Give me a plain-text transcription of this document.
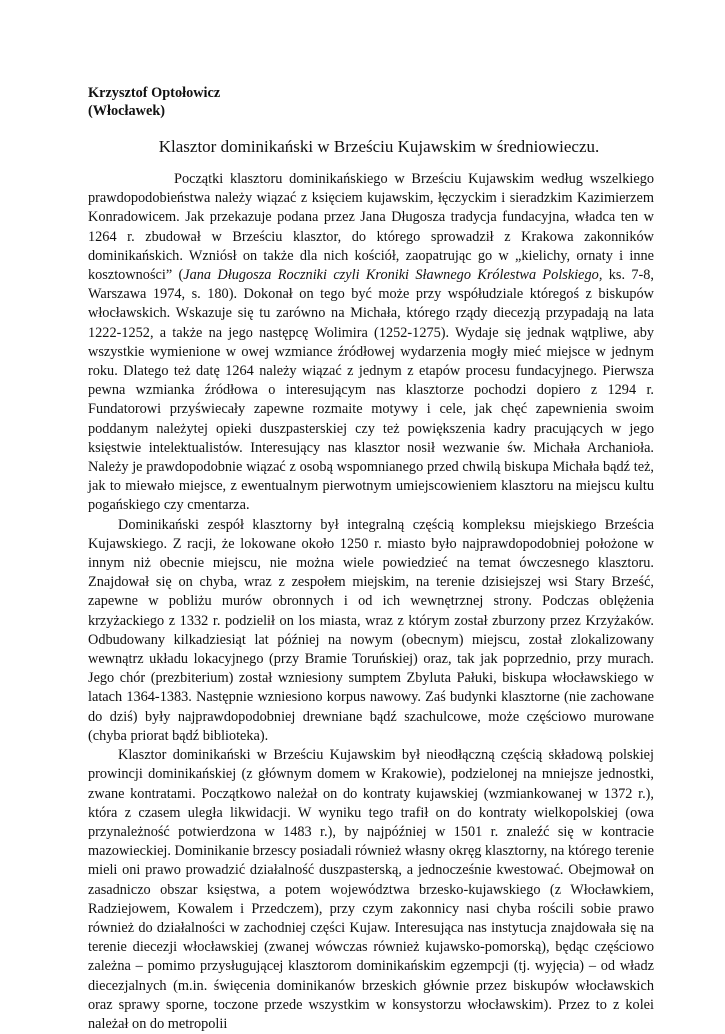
Krzysztof Optołowicz
(Włocławek)
Klasztor dominikański w Brześciu Kujawskim w średniowieczu.

Początki klasztoru dominikańskiego w Brześciu Kujawskim według wszelkiego prawdopodobieństwa należy wiązać z księciem kujawskim, łęczyckim i sieradzkim Kazimierzem Konradowicem. Jak przekazuje podana przez Jana Długosza tradycja fundacyjna, władca ten w 1264 r. zbudował w Brześciu klasztor, do którego sprowadził z Krakowa zakonników dominikańskich. Wzniósł on także dla nich kościół, zaopatrując go w „kielichy, ornaty i inne kosztowności” (Jana Długosza Roczniki czyli Kroniki Sławnego Królestwa Polskiego, ks. 7-8, Warszawa 1974, s. 180). Dokonał on tego być może przy współudziale któregoś z biskupów włocławskich. Wskazuje się tu zarówno na Michała, którego rządy diecezją przypadają na lata 1222-1252, a także na jego następcę Wolimira (1252-1275). Wydaje się jednak wątpliwe, aby wszystkie wymienione w owej wzmiance źródłowej wydarzenia mogły mieć miejsce w jednym roku. Dlatego też datę 1264 należy wiązać z jednym z etapów procesu fundacyjnego. Pierwsza pewna wzmianka źródłowa o interesującym nas klasztorze pochodzi dopiero z 1294 r. Fundatorowi przyświecały zapewne rozmaite motywy i cele, jak chęć zapewnienia swoim poddanym należytej opieki duszpasterskiej czy też powiększenia kadry pracujących w jego księstwie intelektualistów. Interesujący nas klasztor nosił wezwanie św. Michała Archanioła. Należy je prawdopodobnie wiązać z osobą wspomnianego przed chwilą biskupa Michała bądź też, jak to miewało miejsce, z ewentualnym pierwotnym umiejscowieniem klasztoru na miejscu kultu pogańskiego czy cmentarza.

Dominikański zespół klasztorny był integralną częścią kompleksu miejskiego Brześcia Kujawskiego. Z racji, że lokowane około 1250 r. miasto było najprawdopodobniej położone w innym niż obecnie miejscu, nie można wiele powiedzieć na temat ówczesnego klasztoru. Znajdował się on chyba, wraz z zespołem miejskim, na terenie dzisiejszej wsi Stary Brześć, zapewne w pobliżu murów obronnych i od ich wewnętrznej strony. Podczas oblężenia krzyżackiego z 1332 r. podzielił on los miasta, wraz z którym został zburzony przez Krzyżaków. Odbudowany kilkadziesiąt lat później na nowym (obecnym) miejscu, został zlokalizowany wewnątrz układu lokacyjnego (przy Bramie Toruńskiej) oraz, tak jak poprzednio, przy murach. Jego chór (prezbiterium) został wzniesiony sumptem Zbyluta Pałuki, biskupa włocławskiego w latach 1364-1383. Następnie wzniesiono korpus nawowy. Zaś budynki klasztorne (nie zachowane do dziś) były najprawdopodobniej drewniane bądź szachulcowe, może częściowo murowane (chyba priorat bądź biblioteka).

Klasztor dominikański w Brześciu Kujawskim był nieodłączną częścią składową polskiej prowincji dominikańskiej (z głównym domem w Krakowie), podzielonej na mniejsze jednostki, zwane kontratami. Początkowo należał on do kontraty kujawskiej (wzmiankowanej w 1372 r.), która z czasem uległa likwidacji. W wyniku tego trafił on do kontraty wielkopolskiej (owa przynależność potwierdzona w 1483 r.), by najpóźniej w 1501 r. znaleźć się w kontracie mazowieckiej. Dominikanie brzescy posiadali również własny okręg klasztorny, na którego terenie mieli oni prawo prowadzić działalność duszpasterską, a jednocześnie kwestować. Obejmował on zasadniczo obszar księstwa, a potem województwa brzesko-kujawskiego (z Włocławkiem, Radziejowem, Kowalem i Przedczem), przy czym zakonnicy nasi chyba rościli sobie prawo również do działalności w zachodniej części Kujaw. Interesująca nas instytucja znajdowała się na terenie diecezji włocławskiej (zwanej wówczas również kujawsko-pomorską), będąc częściowo zależna – pomimo przysługującej klasztorom dominikańskim egzempcji (tj. wyjęcia) – od władz diecezjalnych (m.in. święcenia dominikanów brzeskich głównie przez biskupów włocławskich oraz sprawy sporne, toczone przede wszystkim w konsystorzu włocławskim). Przez to z kolei należał on do metropolii
